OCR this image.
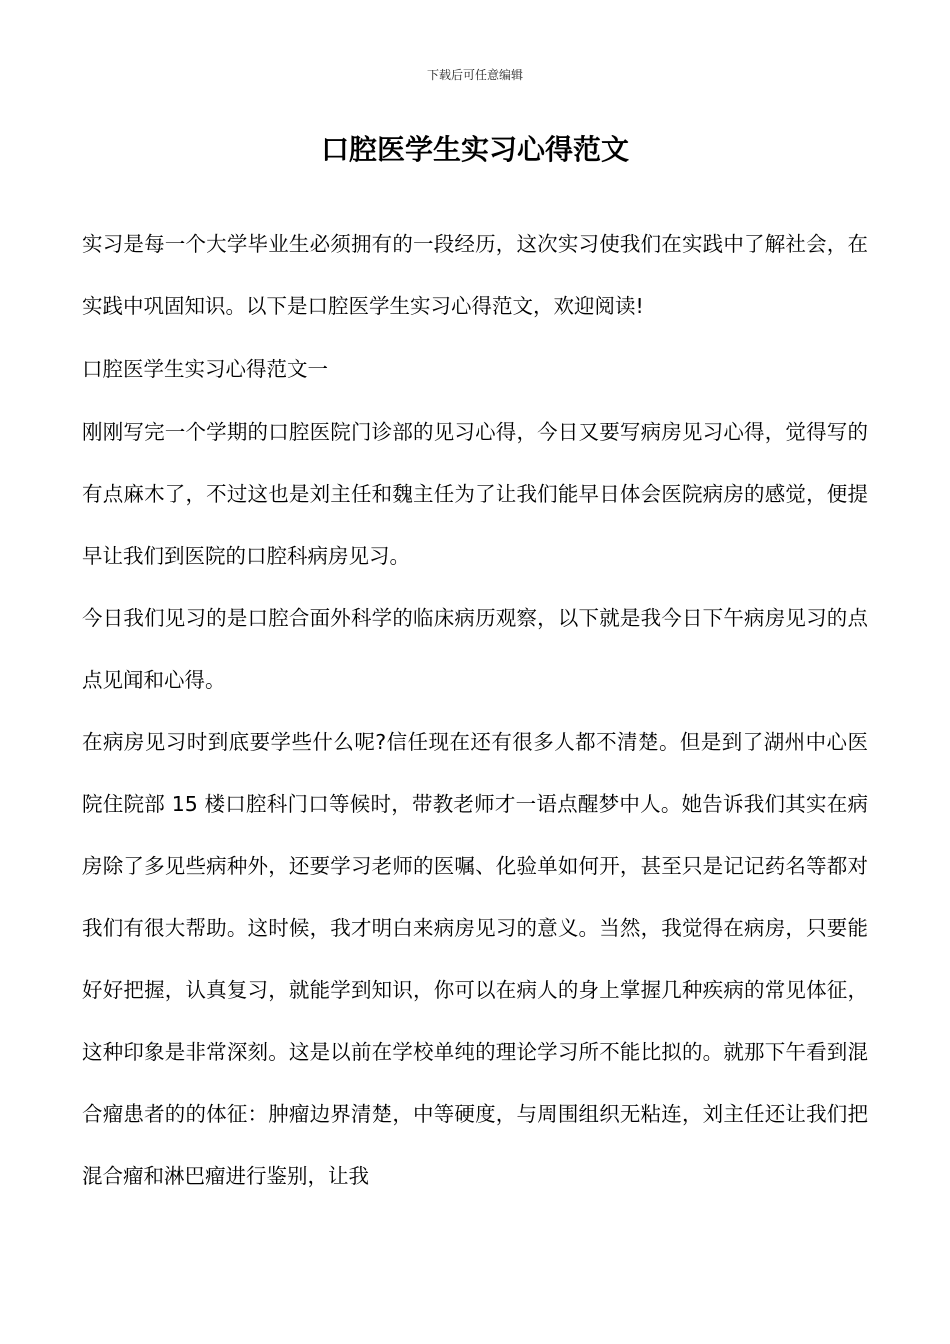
下载后可任意编辑
口腔医学生实习心得范文

实习是每一个大学毕业生必须拥有的一段经历，这次实习使我们在实践中了解社会，在实践中巩固知识。以下是口腔医学生实习心得范文，欢迎阅读!

口腔医学生实习心得范文一

刚刚写完一个学期的口腔医院门诊部的见习心得，今日又要写病房见习心得，觉得写的有点麻木了，不过这也是刘主任和魏主任为了让我们能早日体会医院病房的感觉，便提早让我们到医院的口腔科病房见习。

今日我们见习的是口腔合面外科学的临床病历观察，以下就是我今日下午病房见习的点点见闻和心得。

在病房见习时到底要学些什么呢?信任现在还有很多人都不清楚。但是到了湖州中心医院住院部 15 楼口腔科门口等候时，带教老师才一语点醒梦中人。她告诉我们其实在病房除了多见些病种外，还要学习老师的医嘱、化验单如何开，甚至只是记记药名等都对我们有很大帮助。这时候，我才明白来病房见习的意义。当然，我觉得在病房，只要能好好把握，认真复习，就能学到知识，你可以在病人的身上掌握几种疾病的常见体征，这种印象是非常深刻。这是以前在学校单纯的理论学习所不能比拟的。就那下午看到混合瘤患者的的体征：肿瘤边界清楚，中等硬度，与周围组织无粘连，刘主任还让我们把混合瘤和淋巴瘤进行鉴别，让我
